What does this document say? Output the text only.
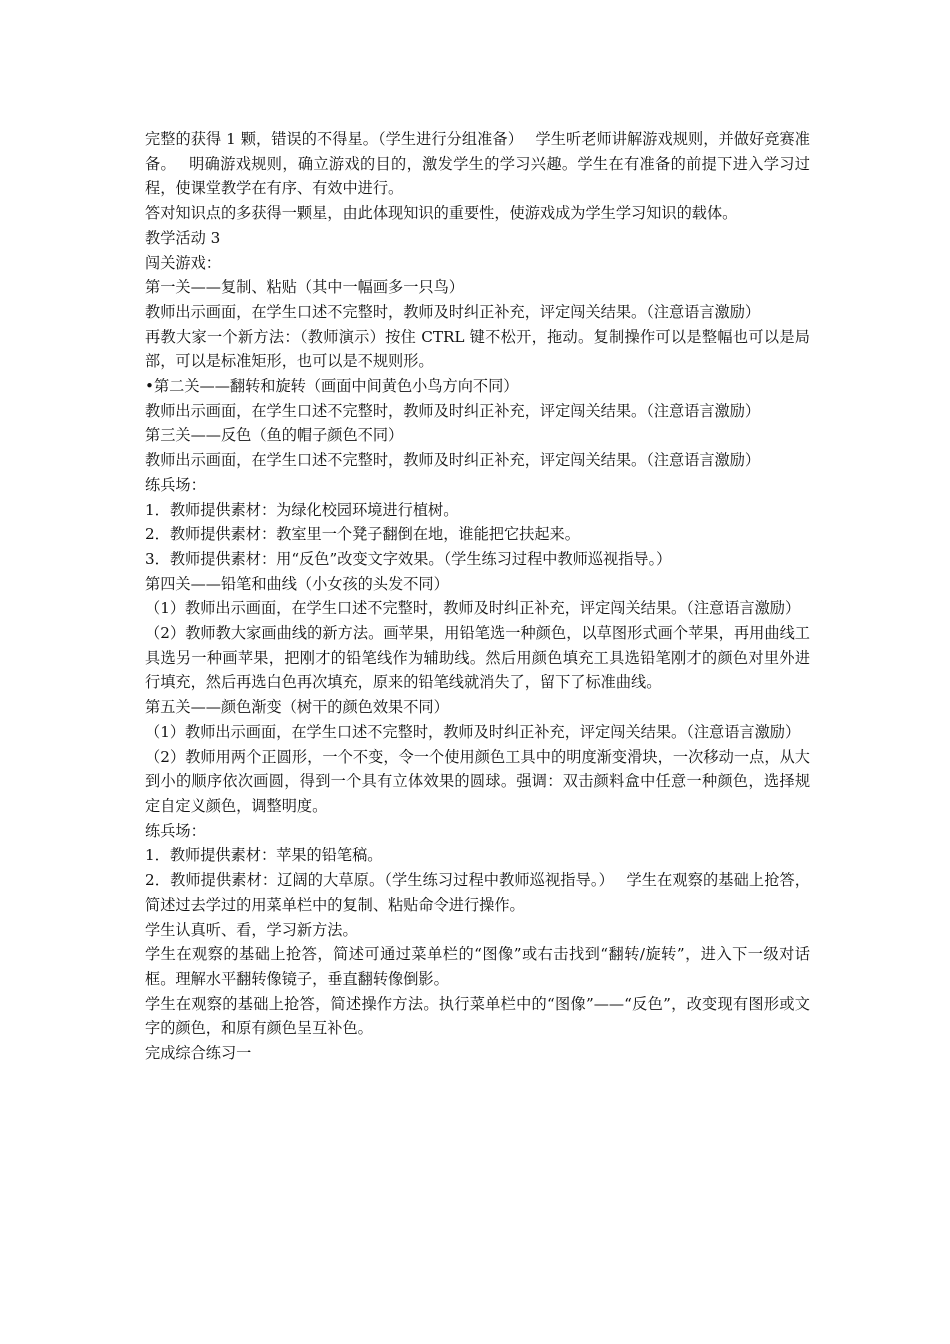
完整的获得 1 颗，错误的不得星。（学生进行分组准备）　 学生听老师讲解游戏规则，并做好竞赛准备。　 明确游戏规则，确立游戏的目的，激发学生的学习兴趣。学生在有准备的前提下进入学习过程，使课堂教学在有序、有效中进行。

答对知识点的多获得一颗星，由此体现知识的重要性，使游戏成为学生学习知识的载体。

教学活动 3

闯关游戏：

第一关——复制、粘贴（其中一幅画多一只鸟）

教师出示画面，在学生口述不完整时，教师及时纠正补充，评定闯关结果。（注意语言激励）

再教大家一个新方法：（教师演示）按住 CTRL 键不松开，拖动。复制操作可以是整幅也可以是局部，可以是标准矩形，也可以是不规则形。

•第二关——翻转和旋转（画面中间黄色小鸟方向不同）

教师出示画面，在学生口述不完整时，教师及时纠正补充，评定闯关结果。（注意语言激励）

第三关——反色（鱼的帽子颜色不同）

教师出示画面，在学生口述不完整时，教师及时纠正补充，评定闯关结果。（注意语言激励）

练兵场：

1．教师提供素材：为绿化校园环境进行植树。

2．教师提供素材：教室里一个凳子翻倒在地，谁能把它扶起来。

3．教师提供素材：用“反色”改变文字效果。（学生练习过程中教师巡视指导。）

第四关——铅笔和曲线（小女孩的头发不同）

（1）教师出示画面，在学生口述不完整时，教师及时纠正补充，评定闯关结果。（注意语言激励）

（2）教师教大家画曲线的新方法。画苹果，用铅笔选一种颜色，以草图形式画个苹果，再用曲线工具选另一种画苹果，把刚才的铅笔线作为辅助线。然后用颜色填充工具选铅笔刚才的颜色对里外进行填充，然后再选白色再次填充，原来的铅笔线就消失了，留下了标准曲线。

第五关——颜色渐变（树干的颜色效果不同）

（1）教师出示画面，在学生口述不完整时，教师及时纠正补充，评定闯关结果。（注意语言激励）

（2）教师用两个正圆形，一个不变，令一个使用颜色工具中的明度渐变滑块，一次移动一点，从大到小的顺序依次画圆，得到一个具有立体效果的圆球。强调：双击颜料盒中任意一种颜色，选择规定自定义颜色，调整明度。

练兵场：

1．教师提供素材：苹果的铅笔稿。

2．教师提供素材：辽阔的大草原。（学生练习过程中教师巡视指导。）　 学生在观察的基础上抢答，简述过去学过的用菜单栏中的复制、粘贴命令进行操作。

学生认真听、看，学习新方法。

学生在观察的基础上抢答，简述可通过菜单栏的“图像”或右击找到“翻转/旋转”，进入下一级对话框。理解水平翻转像镜子，垂直翻转像倒影。

学生在观察的基础上抢答，简述操作方法。执行菜单栏中的“图像”——“反色”，改变现有图形或文字的颜色，和原有颜色呈互补色。

完成综合练习一
